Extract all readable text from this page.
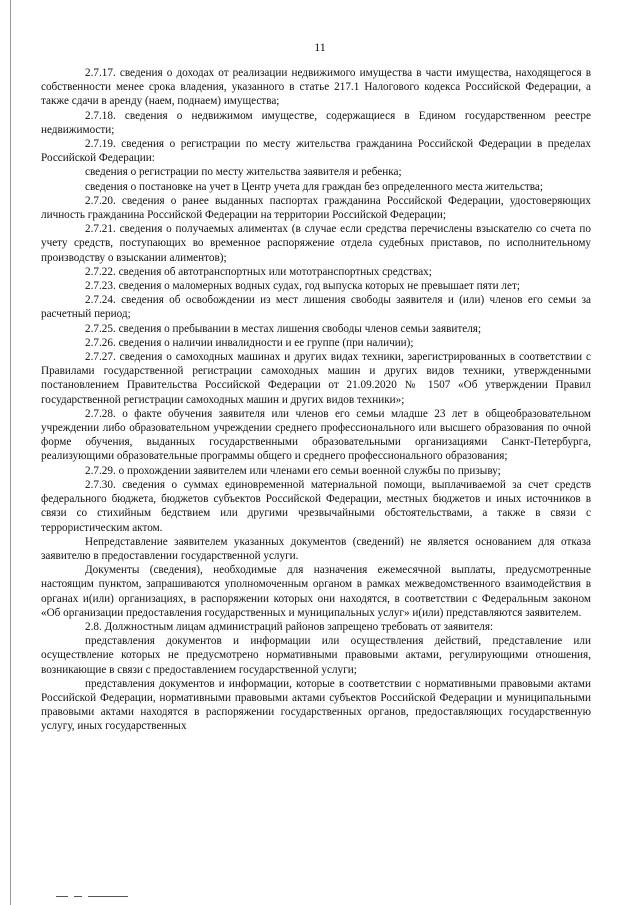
11

2.7.17. сведения о доходах от реализации недвижимого имущества в части имущества, находящегося в собственности менее срока владения, указанного в статье 217.1 Налогового кодекса Российской Федерации, а также сдачи в аренду (наем, поднаем) имущества;

2.7.18. сведения о недвижимом имуществе, содержащиеся в Едином государственном реестре недвижимости;

2.7.19. сведения о регистрации по месту жительства гражданина Российской Федерации в пределах Российской Федерации:

сведения о регистрации по месту жительства заявителя и ребенка;

сведения о постановке на учет в Центр учета для граждан без определенного места жительства;

2.7.20. сведения о ранее выданных паспортах гражданина Российской Федерации, удостоверяющих личность гражданина Российской Федерации на территории Российской Федерации;

2.7.21. сведения о получаемых алиментах (в случае если средства перечислены взыскателю со счета по учету средств, поступающих во временное распоряжение отдела судебных приставов, по исполнительному производству о взыскании алиментов);

2.7.22. сведения об автотранспортных или мототранспортных средствах;

2.7.23. сведения о маломерных водных судах, год выпуска которых не превышает пяти лет;

2.7.24. сведения об освобождении из мест лишения свободы заявителя и (или) членов его семьи за расчетный период;

2.7.25. сведения о пребывании в местах лишения свободы членов семьи заявителя;

2.7.26. сведения о наличии инвалидности и ее группе (при наличии);

2.7.27. сведения о самоходных машинах и других видах техники, зарегистрированных в соответствии с Правилами государственной регистрации самоходных машин и других видов техники, утвержденными постановлением Правительства Российской Федерации от 21.09.2020 № 1507 «Об утверждении Правил государственной регистрации самоходных машин и других видов техники»;

2.7.28. о факте обучения заявителя или членов его семьи младше 23 лет в общеобразовательном учреждении либо образовательном учреждении среднего профессионального или высшего образования по очной форме обучения, выданных государственными образовательными организациями Санкт-Петербурга, реализующими образовательные программы общего и среднего профессионального образования;

2.7.29. о прохождении заявителем или членами его семьи военной службы по призыву;

2.7.30. сведения о суммах единовременной материальной помощи, выплачиваемой за счет средств федерального бюджета, бюджетов субъектов Российской Федерации, местных бюджетов и иных источников в связи со стихийным бедствием или другими чрезвычайными обстоятельствами, а также в связи с террористическим актом.

Непредставление заявителем указанных документов (сведений) не является основанием для отказа заявителю в предоставлении государственной услуги.

Документы (сведения), необходимые для назначения ежемесячной выплаты, предусмотренные настоящим пунктом, запрашиваются уполномоченным органом в рамках межведомственного взаимодействия в органах и(или) организациях, в распоряжении которых они находятся, в соответствии с Федеральным законом «Об организации предоставления государственных и муниципальных услуг» и(или) представляются заявителем.

2.8. Должностным лицам администраций районов запрещено требовать от заявителя:

представления документов и информации или осуществления действий, представление или осуществление которых не предусмотрено нормативными правовыми актами, регулирующими отношения, возникающие в связи с предоставлением государственной услуги;

представления документов и информации, которые в соответствии с нормативными правовыми актами Российской Федерации, нормативными правовыми актами субъектов Российской Федерации и муниципальными правовыми актами находятся в распоряжении государственных органов, предоставляющих государственную услугу, иных государственных
